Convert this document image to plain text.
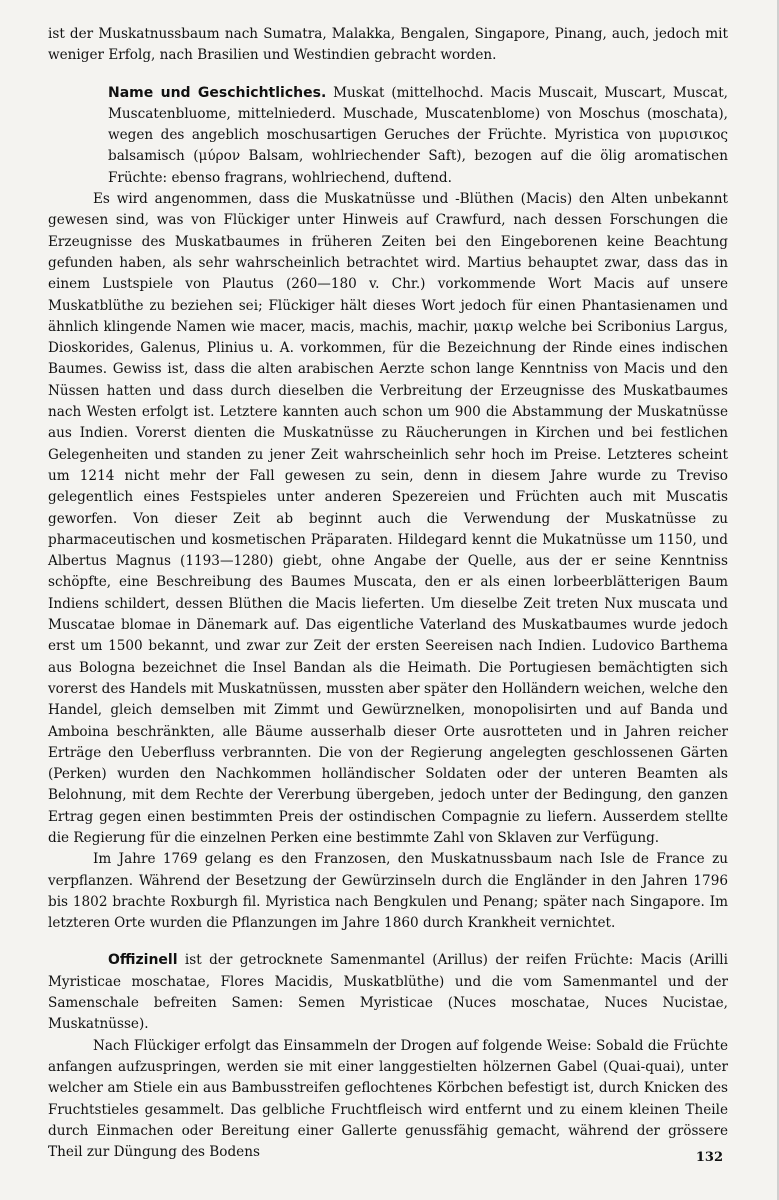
ist der Muskatnussbaum nach Sumatra, Malakka, Bengalen, Singapore, Pinang, auch, jedoch mit weniger Erfolg, nach Brasilien und Westindien gebracht worden.

Name und Geschichtliches. Muskat (mittelhochd. Macis Muscait, Muscart, Muscat, Muscatenbluome, mittelniederd. Muschade, Muscatenblome) von Moschus (moschata), wegen des angeblich moschusartigen Geruches der Früchte. Myristica von μυρισικος balsamisch (μύρον Balsam, wohlriechender Saft), bezogen auf die ölig aromatischen Früchte: ebenso fragrans, wohlriechend, duftend.

Es wird angenommen, dass die Muskatnüsse und -Blüthen (Macis) den Alten unbekannt gewesen sind, was von Flückiger unter Hinweis auf Crawfurd, nach dessen Forschungen die Erzeugnisse des Muskatbaumes in früheren Zeiten bei den Eingeborenen keine Beachtung gefunden haben, als sehr wahrscheinlich betrachtet wird. Martius behauptet zwar, dass das in einem Lustspiele von Plautus (260—180 v. Chr.) vorkommende Wort Macis auf unsere Muskatblüthe zu beziehen sei; Flückiger hält dieses Wort jedoch für einen Phantasienamen und ähnlich klingende Namen wie macer, macis, machis, machir, μακιρ welche bei Scribonius Largus, Dioskorides, Galenus, Plinius u. A. vorkommen, für die Bezeichnung der Rinde eines indischen Baumes. Gewiss ist, dass die alten arabischen Aerzte schon lange Kenntniss von Macis und den Nüssen hatten und dass durch dieselben die Verbreitung der Erzeugnisse des Muskatbaumes nach Westen erfolgt ist. Letztere kannten auch schon um 900 die Abstammung der Muskatnüsse aus Indien. Vorerst dienten die Muskatnüsse zu Räucherungen in Kirchen und bei festlichen Gelegenheiten und standen zu jener Zeit wahrscheinlich sehr hoch im Preise. Letzteres scheint um 1214 nicht mehr der Fall gewesen zu sein, denn in diesem Jahre wurde zu Treviso gelegentlich eines Festspieles unter anderen Spezereien und Früchten auch mit Muscatis geworfen. Von dieser Zeit ab beginnt auch die Verwendung der Muskatnüsse zu pharmaceutischen und kosmetischen Präparaten. Hildegard kennt die Mukatnüsse um 1150, und Albertus Magnus (1193—1280) giebt, ohne Angabe der Quelle, aus der er seine Kenntniss schöpfte, eine Beschreibung des Baumes Muscata, den er als einen lorbeerblätterigen Baum Indiens schildert, dessen Blüthen die Macis lieferten. Um dieselbe Zeit treten Nux muscata und Muscatae blomae in Dänemark auf. Das eigentliche Vaterland des Muskatbaumes wurde jedoch erst um 1500 bekannt, und zwar zur Zeit der ersten Seereisen nach Indien. Ludovico Barthema aus Bologna bezeichnet die Insel Bandan als die Heimath. Die Portugiesen bemächtigten sich vorerst des Handels mit Muskatnüssen, mussten aber später den Holländern weichen, welche den Handel, gleich demselben mit Zimmt und Gewürznelken, monopolisirten und auf Banda und Amboina beschränkten, alle Bäume ausserhalb dieser Orte ausrotteten und in Jahren reicher Erträge den Ueberfluss verbrannten. Die von der Regierung angelegten geschlossenen Gärten (Perken) wurden den Nachkommen holländischer Soldaten oder der unteren Beamten als Belohnung, mit dem Rechte der Vererbung übergeben, jedoch unter der Bedingung, den ganzen Ertrag gegen einen bestimmten Preis der ostindischen Compagnie zu liefern. Ausserdem stellte die Regierung für die einzelnen Perken eine bestimmte Zahl von Sklaven zur Verfügung.

Im Jahre 1769 gelang es den Franzosen, den Muskatnussbaum nach Isle de France zu verpflanzen. Während der Besetzung der Gewürzinseln durch die Engländer in den Jahren 1796 bis 1802 brachte Roxburgh fil. Myristica nach Bengkulen und Penang; später nach Singapore. Im letzteren Orte wurden die Pflanzungen im Jahre 1860 durch Krankheit vernichtet.

Offizinell ist der getrocknete Samenmantel (Arillus) der reifen Früchte: Macis (Arilli Myristicae moschatae, Flores Macidis, Muskatblüthe) und die vom Samenmantel und der Samenschale befreiten Samen: Semen Myristicae (Nuces moschatae, Nuces Nucistae, Muskatnüsse).

Nach Flückiger erfolgt das Einsammeln der Drogen auf folgende Weise: Sobald die Früchte anfangen aufzuspringen, werden sie mit einer langgestielten hölzernen Gabel (Quai-quai), unter welcher am Stiele ein aus Bambusstreifen geflochtenes Körbchen befestigt ist, durch Knicken des Fruchtstieles gesammelt. Das gelbliche Fruchtfleisch wird entfernt und zu einem kleinen Theile durch Einmachen oder Bereitung einer Gallerte genussfähig gemacht, während der grössere Theil zur Düngung des Bodens	132
